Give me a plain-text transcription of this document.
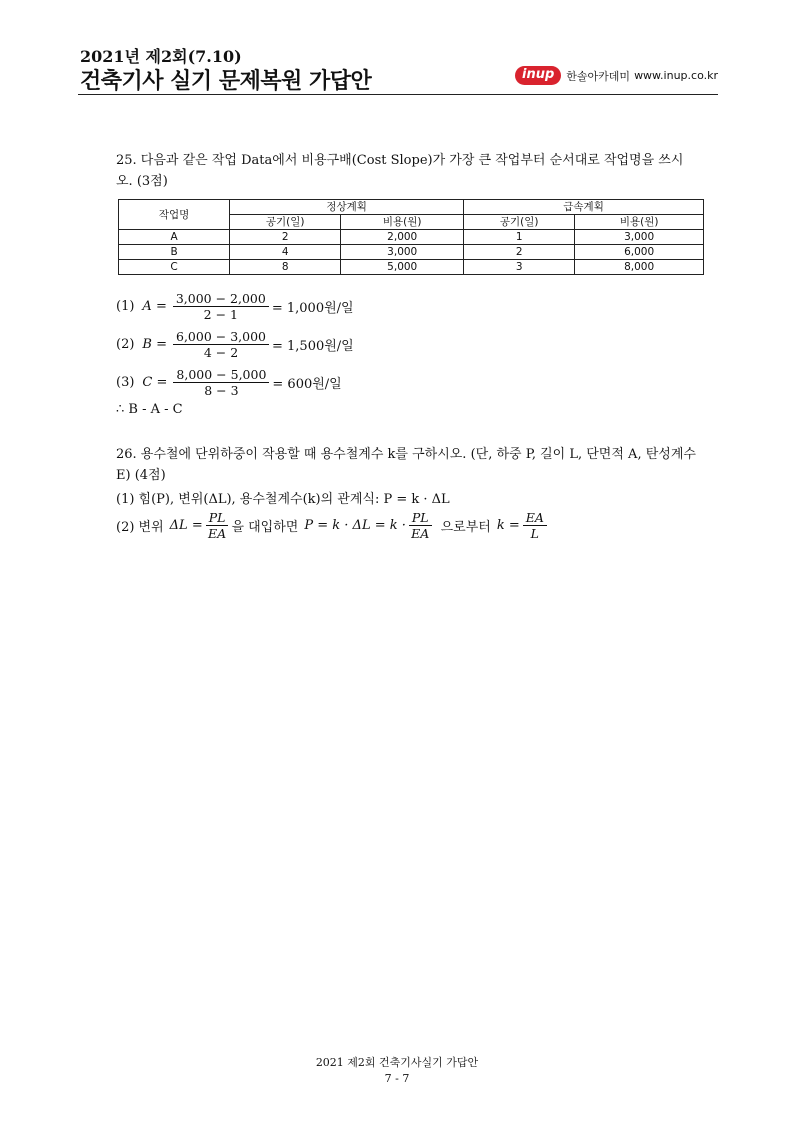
2021년 제2회(7.10)
건축기사 실기 문제복원 가답안	inup	한솔아카데미 www.inup.co.kr
25. 다음과 같은 작업 Data에서 비용구배(Cost Slope)가 가장 큰 작업부터 순서대로 작업명을 쓰시오. (3점)
작업명	정상계획		급속계획	
	공기(일)	비용(원)	공기(일)	비용(원)
A	2	2,000	1	3,000
B	4	3,000	2	6,000
C	8	5,000	3	8,000
(1) $A = \frac{3,000 - 2,000}{2 - 1} = 1,000$원/일
(2) $B = \frac{6,000 - 3,000}{4 - 2} = 1,500$원/일
(3) $C = \frac{8,000 - 5,000}{8 - 3} = 600$원/일
∴ B - A - C
26. 용수철에 단위하중이 작용할 때 용수철계수 k를 구하시오. (단, 하중 P, 길이 L, 단면적 A, 탄성계수 E) (4점)
(1) 힘(P), 변위(ΔL), 용수철계수(k)의 관계식: P = k · ΔL
(2) 변위 $\Delta L = \frac{PL}{EA}$ 을 대입하면 $P = k \cdot \Delta L = k \cdot \frac{PL}{EA}$ 으로부터 $k = \frac{EA}{L}$
2021 제2회 건축기사실기 가답안
7 - 7
